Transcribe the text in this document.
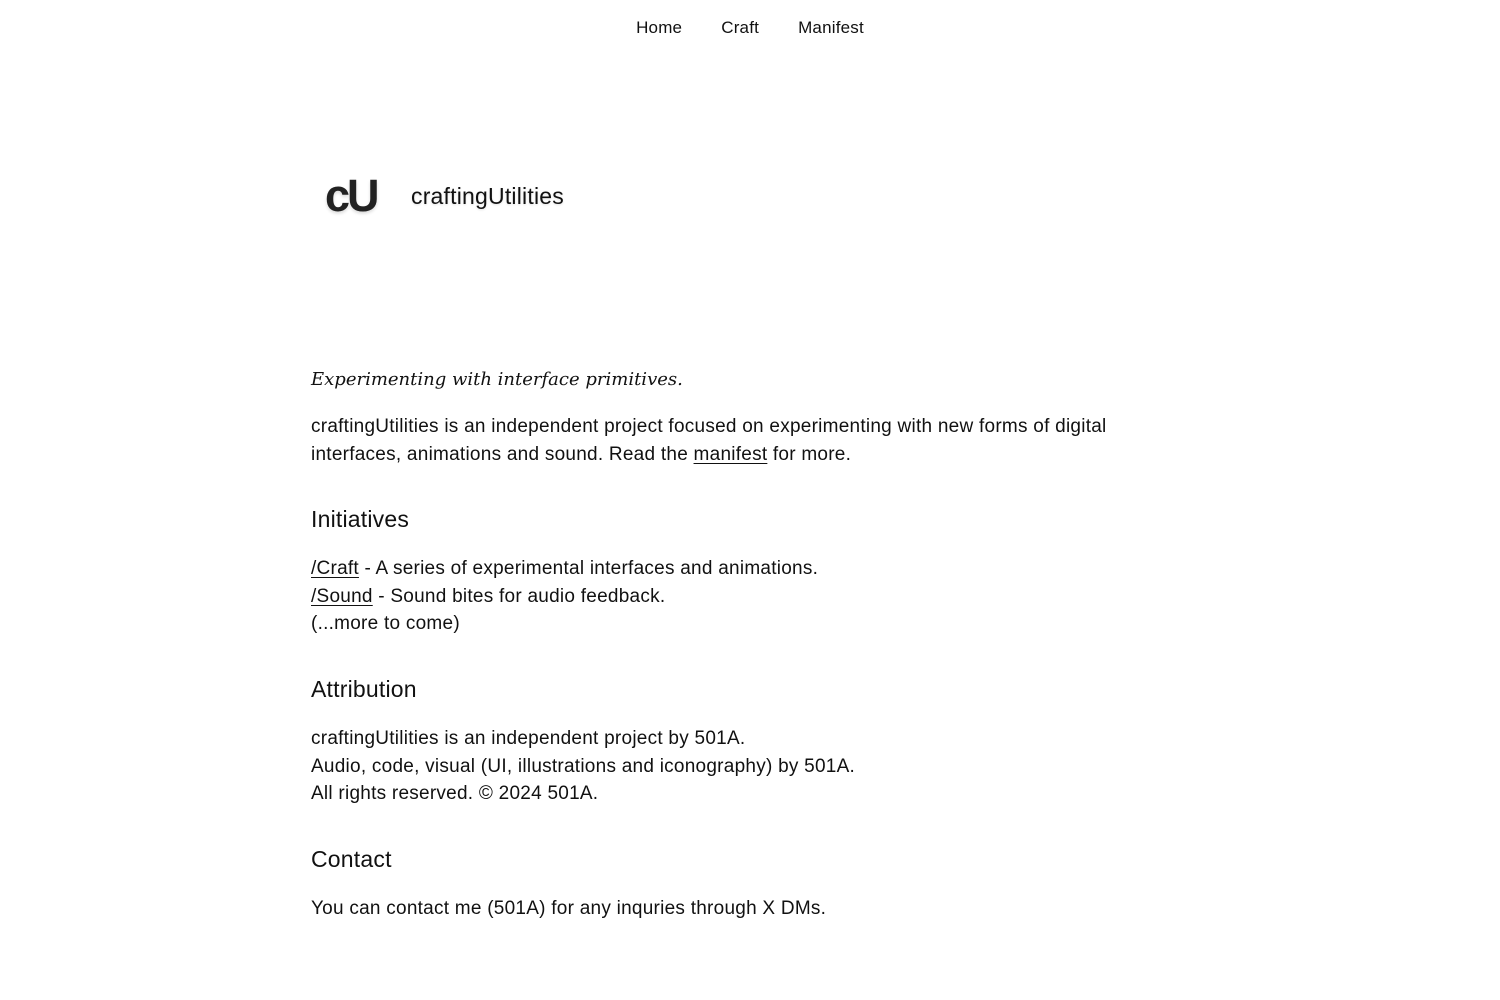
Home Craft Manifest
cU	craftingUtilities

Experimenting with interface primitives.

craftingUtilities is an independent project focused on experimenting with new forms of digital interfaces, animations and sound. Read the manifest for more.

Initiatives
/Craft - A series of experimental interfaces and animations.
/Sound - Sound bites for audio feedback.
(...more to come)
Attribution
craftingUtilities is an independent project by 501A.
Audio, code, visual (UI, illustrations and iconography) by 501A.
All rights reserved. © 2024 501A.
Contact
You can contact me (501A) for any inquries through X DMs.
